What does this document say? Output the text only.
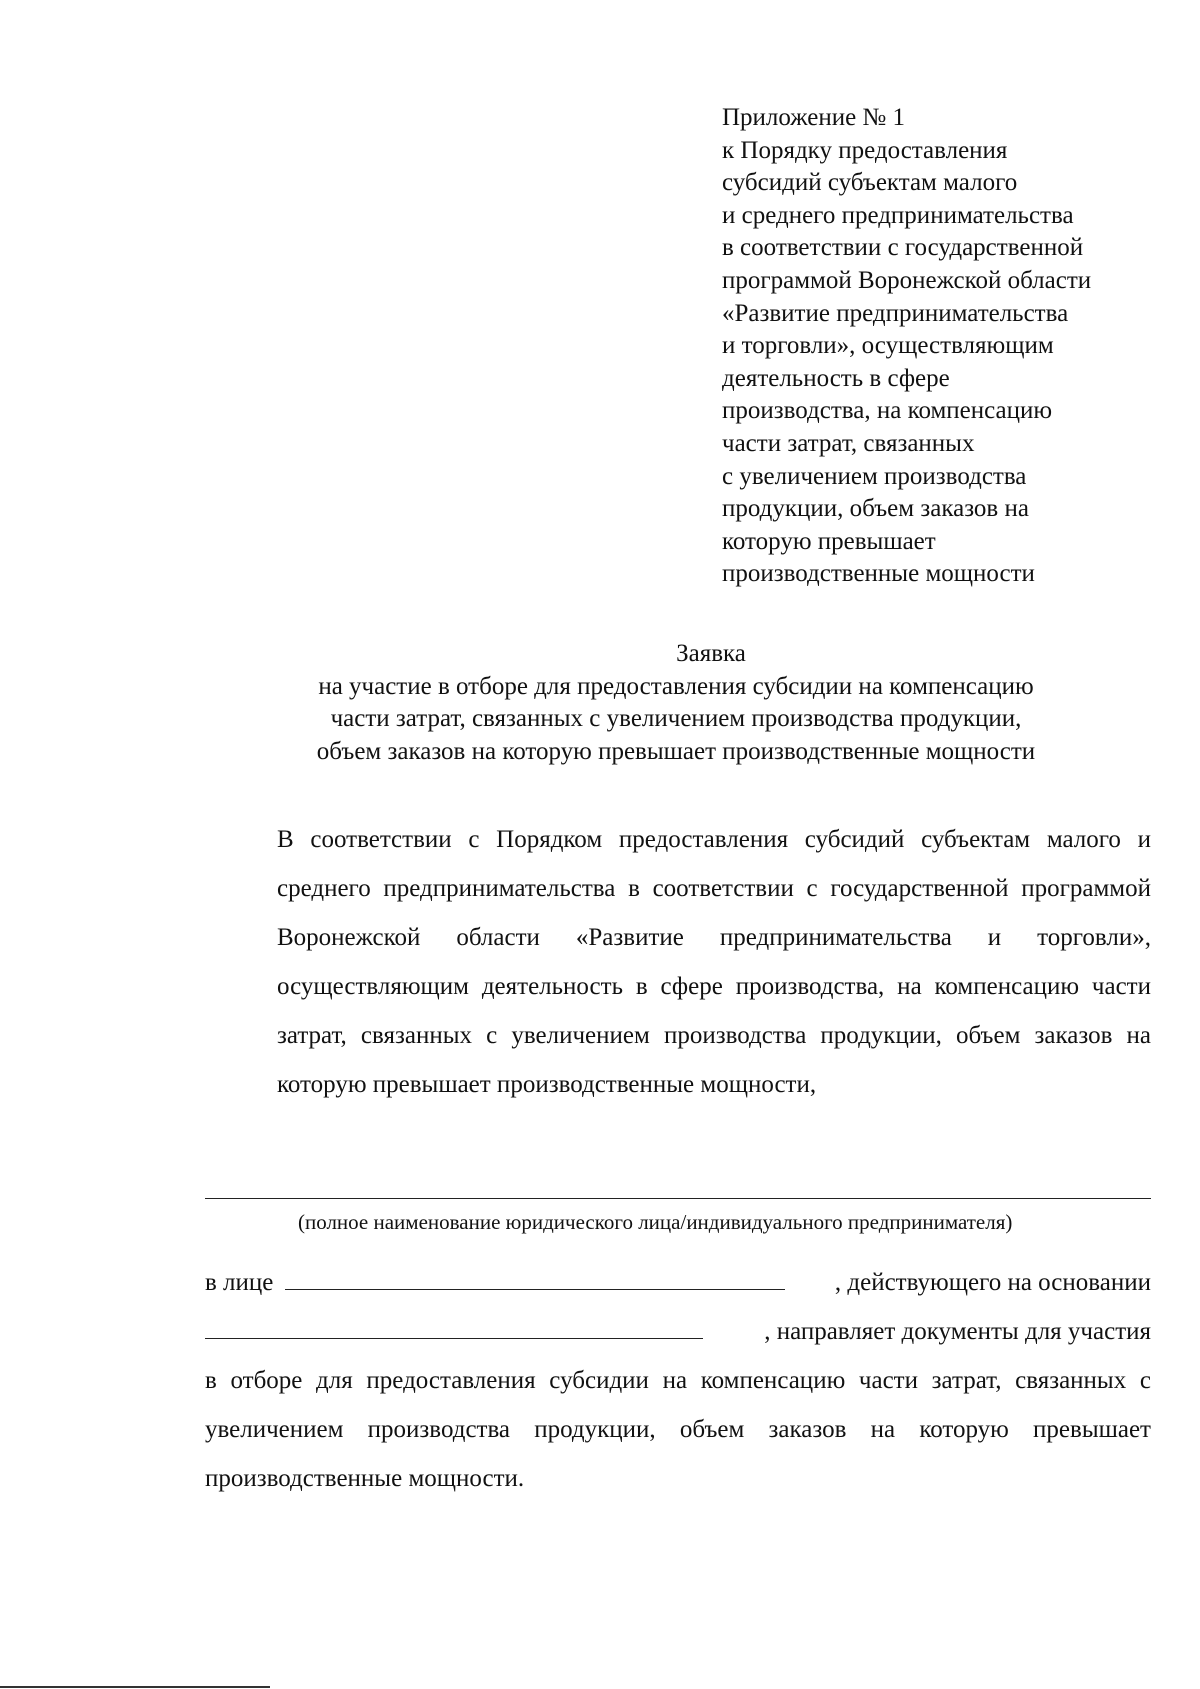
Приложение № 1
к Порядку предоставления
субсидий субъектам малого
и среднего предпринимательства
в соответствии с государственной
программой Воронежской области
«Развитие предпринимательства
и торговли», осуществляющим
деятельность в сфере
производства, на компенсацию
части затрат, связанных
с увеличением производства
продукции, объем заказов на
которую превышает
производственные мощности
Заявка
на участие в отборе для предоставления субсидии на компенсацию
части затрат, связанных с увеличением производства продукции,
объем заказов на которую превышает производственные мощности
В соответствии с Порядком предоставления субсидий субъектам малого и среднего предпринимательства в соответствии с государственной программой Воронежской области «Развитие предпринимательства и торговли», осуществляющим деятельность в сфере производства, на компенсацию части затрат, связанных с увеличением производства продукции, объем заказов на которую превышает производственные мощности,
(полное наименование юридического лица/индивидуального предпринимателя)
в лице	, действующего на основании
, направляет документы для участия
в отборе для предоставления субсидии на компенсацию части затрат, связанных с увеличением производства продукции, объем заказов на которую превышает производственные мощности.
